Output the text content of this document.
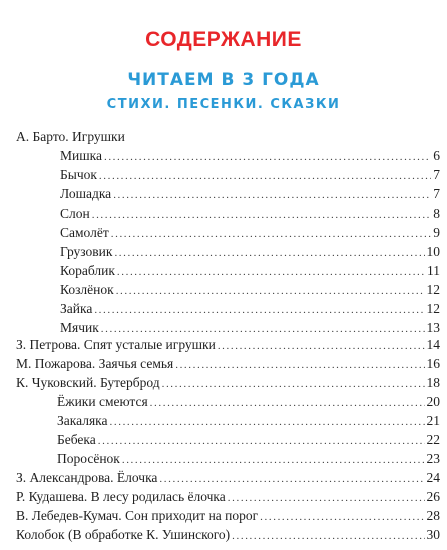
СОДЕРЖАНИЕ
ЧИТАЕМ В 3 ГОДА
СТИХИ. ПЕСЕНКИ. СКАЗКИ
А. Барто. Игрушки
Мишка .....	6
Бычок .....	7
Лошадка .....	7
Слон .....	8
Самолёт .....	9
Грузовик .....	10
Кораблик .....	11
Козлёнок .....	12
Зайка .....	12
Мячик .....	13
З. Петрова. Спят усталые игрушки .....	14
М. Пожарова. Заячья семья .....	16
К. Чуковский. Бутерброд .....	18
Ёжики смеются .....	20
Закаляка .....	21
Бебека .....	22
Поросёнок .....	23
З. Александрова. Ёлочка .....	24
Р. Кудашева. В лесу родилась ёлочка .....	26
В. Лебедев-Кумач. Сон приходит на порог .....	28
Колобок (В обработке К. Ушинского) .....	30
